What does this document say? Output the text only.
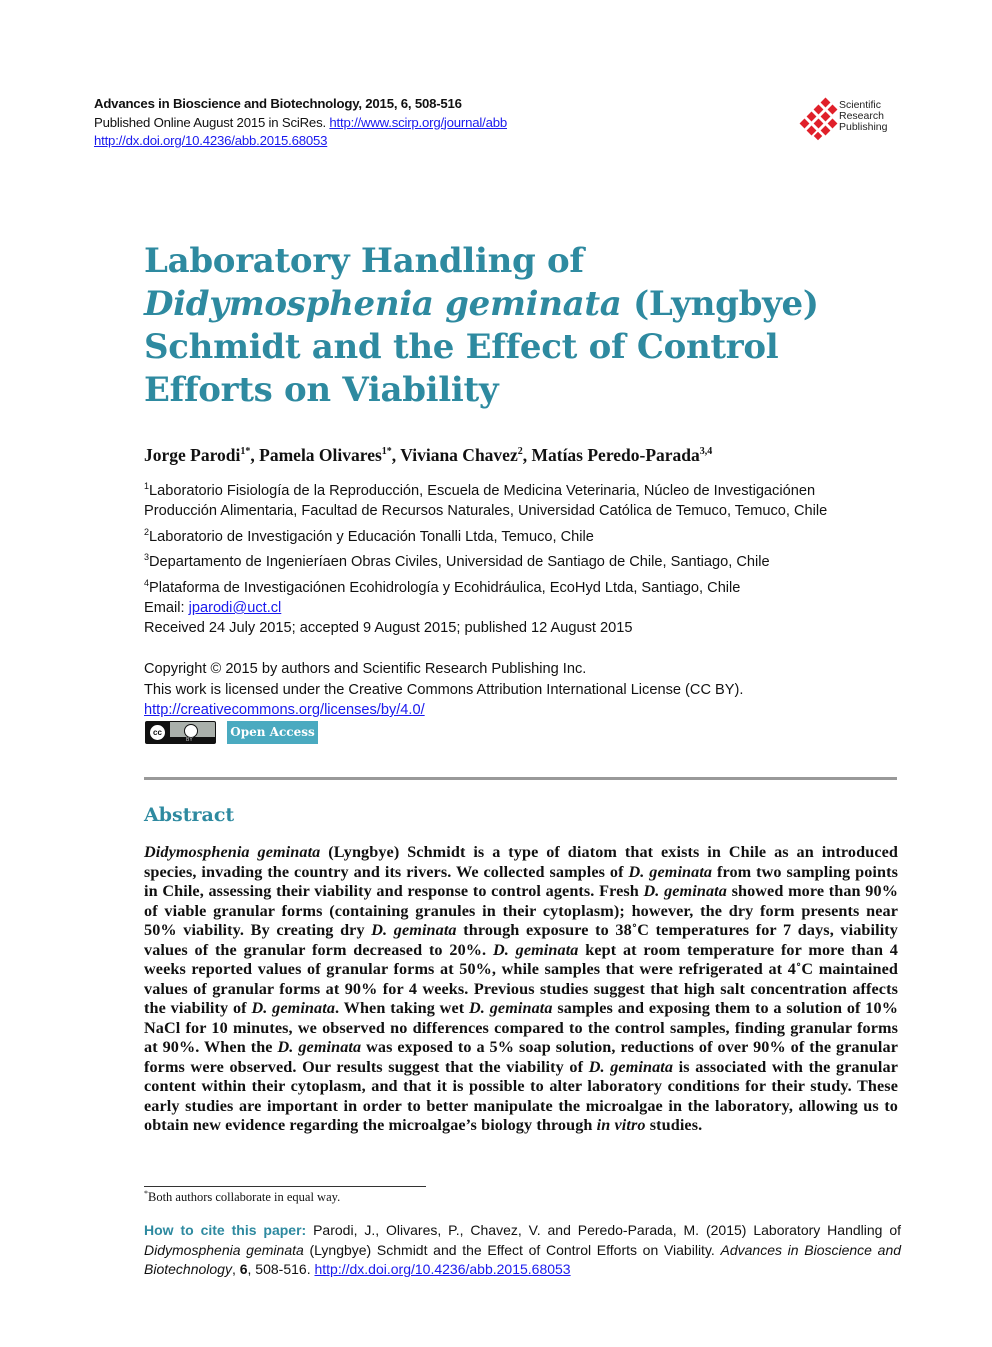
Advances in Bioscience and Biotechnology, 2015, 6, 508-516
Published Online August 2015 in SciRes. http://www.scirp.org/journal/abb
http://dx.doi.org/10.4236/abb.2015.68053
Scientific
Research
Publishing
Laboratory Handling of
Didymosphenia geminata (Lyngbye)
Schmidt and the Effect of Control
Efforts on Viability
Jorge Parodi$^{1*}$, Pamela Olivares$^{1*}$, Viviana Chavez$^2$, Matías Peredo-Parada$^{3,4}$
$^1$Laboratorio Fisiología de la Reproducción, Escuela de Medicina Veterinaria, Núcleo de Investigaciónen Producción Alimentaria, Facultad de Recursos Naturales, Universidad Católica de Temuco, Temuco, Chile
$^2$Laboratorio de Investigación y Educación Tonalli Ltda, Temuco, Chile
$^3$Departamento de Ingenieríaen Obras Civiles, Universidad de Santiago de Chile, Santiago, Chile
$^4$Plataforma de Investigaciónen Ecohidrología y Ecohidráulica, EcoHyd Ltda, Santiago, Chile
Email: jparodi@uct.cl
Received 24 July 2015; accepted 9 August 2015; published 12 August 2015
Copyright © 2015 by authors and Scientific Research Publishing Inc.
This work is licensed under the Creative Commons Attribution International License (CC BY).
http://creativecommons.org/licenses/by/4.0/
cc
BY
Open Access
Abstract
Didymosphenia geminata (Lyngbye) Schmidt is a type of diatom that exists in Chile as an introduced species, invading the country and its rivers. We collected samples of D. geminata from two sampling points in Chile, assessing their viability and response to control agents. Fresh D. geminata showed more than 90% of viable granular forms (containing granules in their cytoplasm); however, the dry form presents near 50% viability. By creating dry D. geminata through exposure to 38˚C temperatures for 7 days, viability values of the granular form decreased to 20%. D. geminata kept at room temperature for more than 4 weeks reported values of granular forms at 50%, while samples that were refrigerated at 4˚C maintained values of granular forms at 90% for 4 weeks. Previous studies suggest that high salt concentration affects the viability of D. geminata. When taking wet D. geminata samples and exposing them to a solution of 10% NaCl for 10 minutes, we observed no differences compared to the control samples, finding granular forms at 90%. When the D. geminata was exposed to a 5% soap solution, reductions of over 90% of the granular forms were observed. Our results suggest that the viability of D. geminata is associated with the granular content within their cytoplasm, and that it is possible to alter laboratory conditions for their study. These early studies are important in order to better manipulate the microalgae in the laboratory, allowing us to obtain new evidence regarding the microalgae’s biology through in vitro studies.
*Both authors collaborate in equal way.
How to cite this paper: Parodi, J., Olivares, P., Chavez, V. and Peredo-Parada, M. (2015) Laboratory Handling of Didymosphenia geminata (Lyngbye) Schmidt and the Effect of Control Efforts on Viability. Advances in Bioscience and Biotechnology, 6, 508-516. http://dx.doi.org/10.4236/abb.2015.68053
